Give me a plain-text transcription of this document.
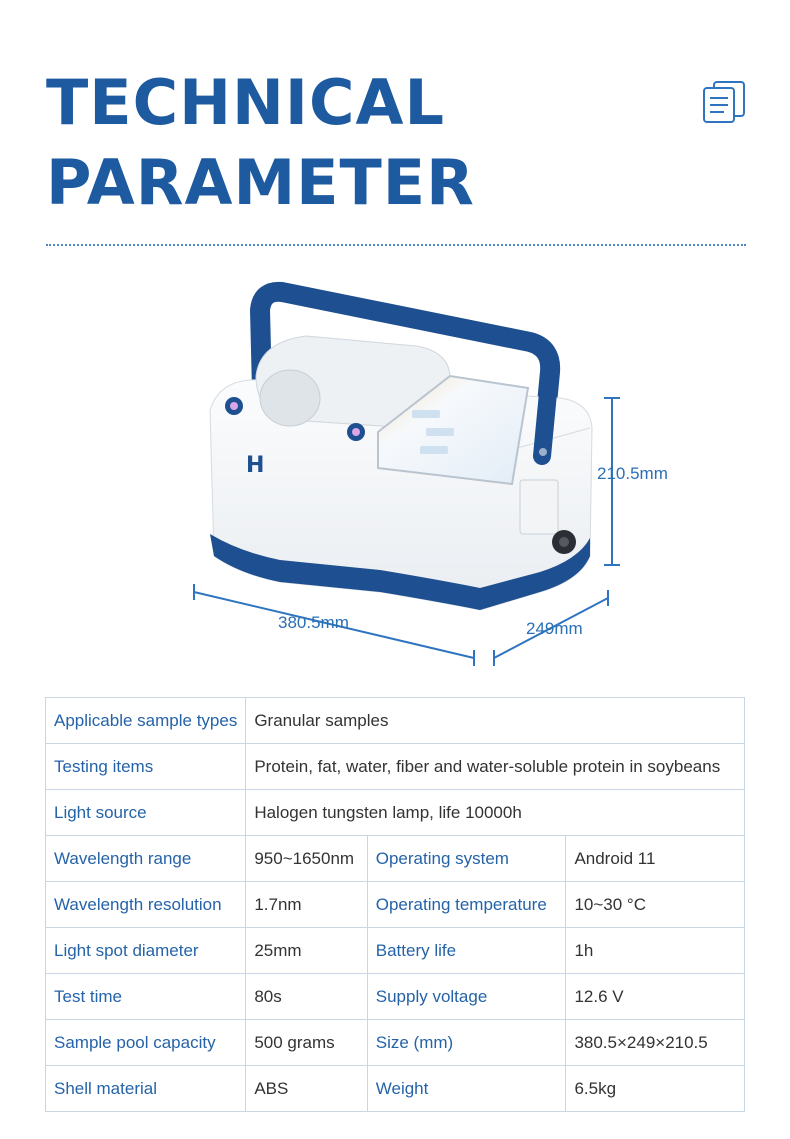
TECHNICAL
PARAMETER
H	210.5mm
380.5mm	249mm
Applicable sample types	Granular samples		
Testing items	Protein, fat, water, fiber and water-soluble protein in soybeans		
Light source	Halogen tungsten lamp, life 10000h		
Wavelength range	950~1650nm	Operating system	Android 11
Wavelength resolution	1.7nm	Operating temperature	10~30 °C
Light spot diameter	25mm	Battery life	1h
Test time	80s	Supply voltage	12.6 V
Sample pool capacity	500 grams	Size (mm)	380.5×249×210.5
Shell material	ABS	Weight	6.5kg
